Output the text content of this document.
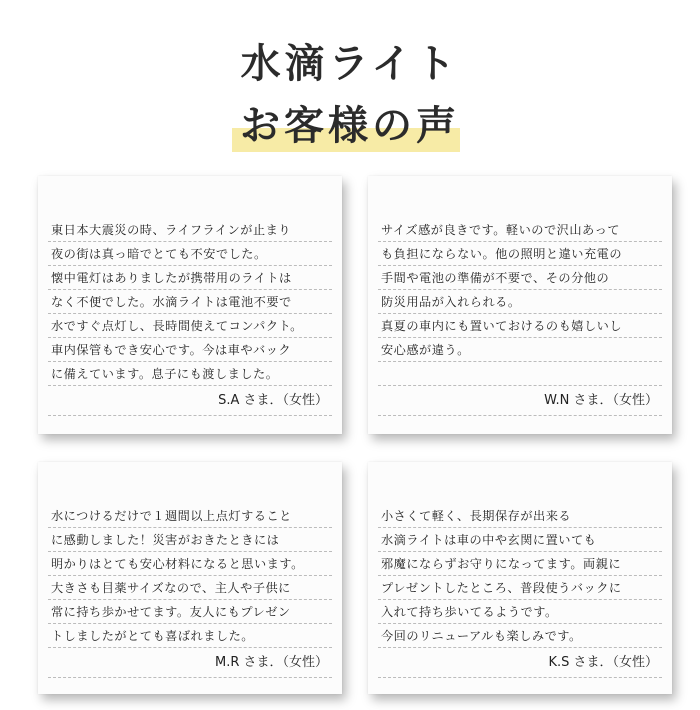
水滴ライト
お客様の声
東日本大震災の時、ライフラインが止まり
夜の街は真っ暗でとても不安でした。
懐中電灯はありましたが携帯用のライトは
なく不便でした。水滴ライトは電池不要で
水ですぐ点灯し、長時間使えてコンパクト。
車内保管もでき安心です。今は車やバック
に備えています。息子にも渡しました。
S.A さま．（女性）
サイズ感が良きです。軽いので沢山あって
も負担にならない。他の照明と違い充電の
手間や電池の準備が不要で、その分他の
防災用品が入れられる。
真夏の車内にも置いておけるのも嬉しいし
安心感が違う。
W.N さま．（女性）
水につけるだけで１週間以上点灯すること
に感動しました！災害がおきたときには
明かりはとても安心材料になると思います。
大きさも目薬サイズなので、主人や子供に
常に持ち歩かせてます。友人にもプレゼン
トしましたがとても喜ばれました。
M.R さま．（女性）
小さくて軽く、長期保存が出来る
水滴ライトは車の中や玄関に置いても
邪魔にならずお守りになってます。両親に
プレゼントしたところ、普段使うバックに
入れて持ち歩いてるようです。
今回のリニューアルも楽しみです。
K.S さま．（女性）
